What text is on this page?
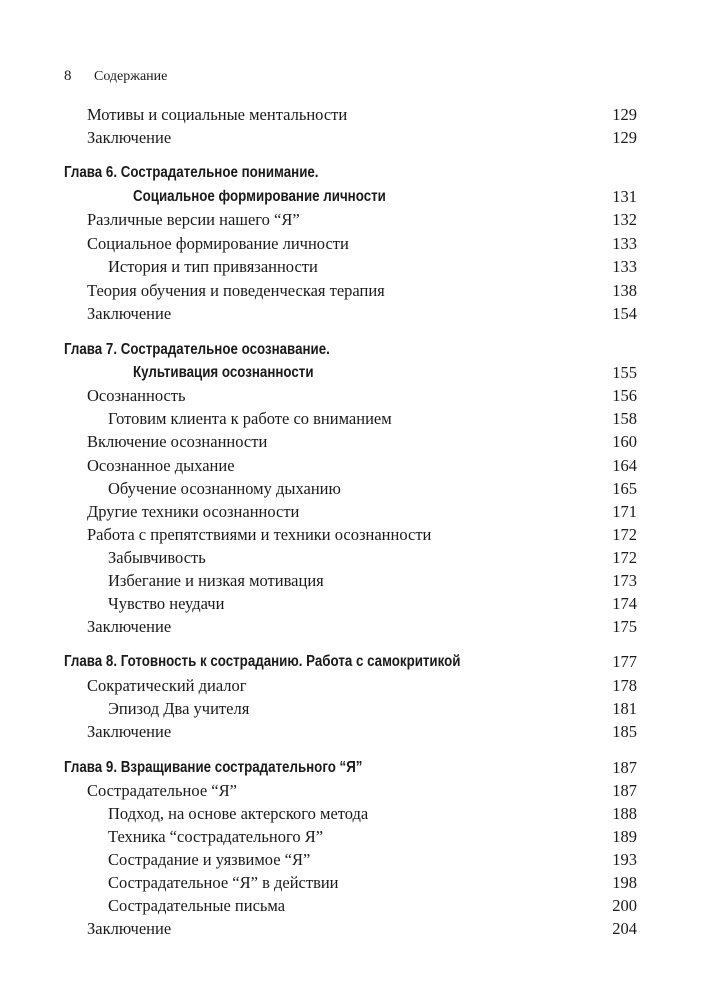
8 Содержание
Мотивы и социальные ментальности	129
Заключение	129
Глава 6. Сострадательное понимание.
Социальное формирование личности	131
Различные версии нашего “Я”	132
Социальное формирование личности	133
История и тип привязанности	133
Теория обучения и поведенческая терапия	138
Заключение	154
Глава 7. Сострадательное осознавание.
Культивация осознанности	155
Осознанность	156
Готовим клиента к работе со вниманием	158
Включение осознанности	160
Осознанное дыхание	164
Обучение осознанному дыханию	165
Другие техники осознанности	171
Работа с препятствиями и техники осознанности	172
Забывчивость	172
Избегание и низкая мотивация	173
Чувство неудачи	174
Заключение	175
Глава 8. Готовность к состраданию. Работа с самокритикой	177
Сократический диалог	178
Эпизод Два учителя	181
Заключение	185
Глава 9. Взращивание сострадательного “Я”	187
Сострадательное “Я”	187
Подход, на основе актерского метода	188
Техника “сострадательного Я”	189
Сострадание и уязвимое “Я”	193
Сострадательное “Я” в действии	198
Сострадательные письма	200
Заключение	204
